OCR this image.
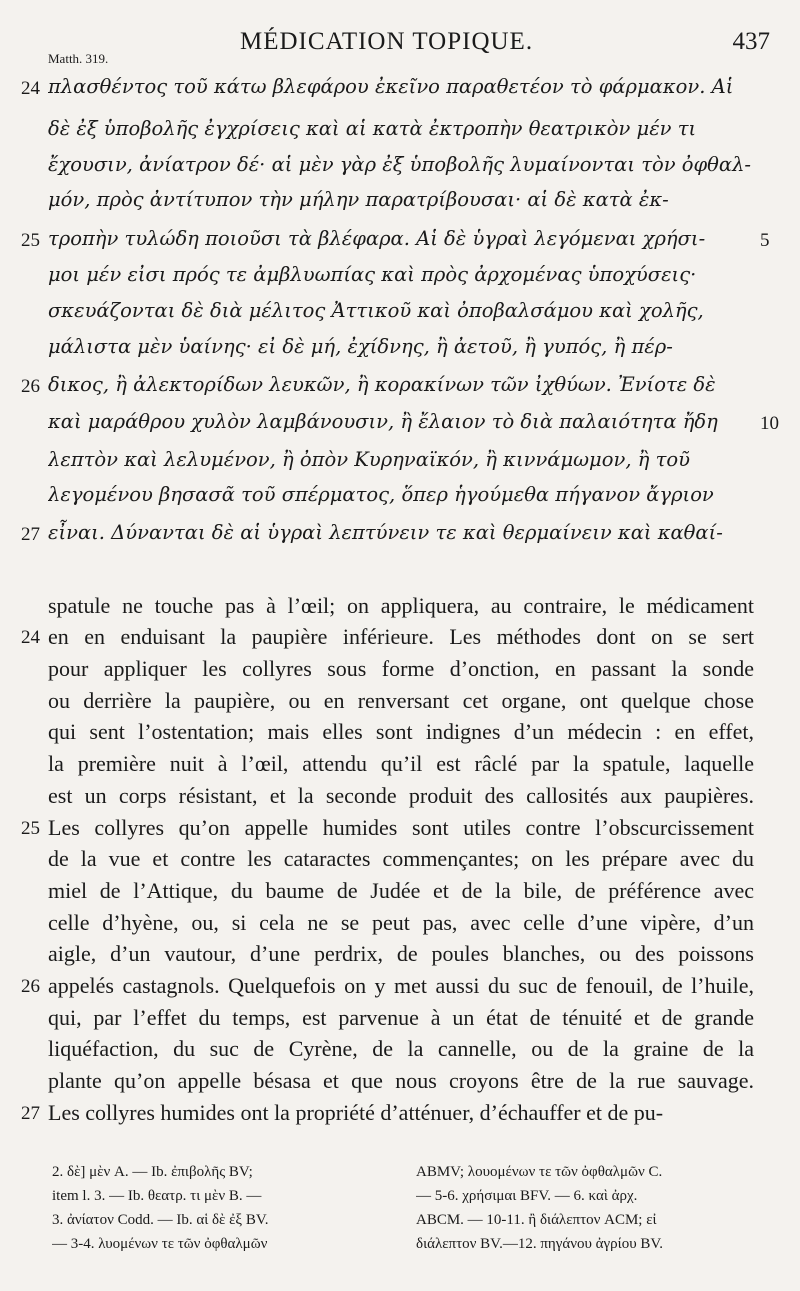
MÉDICATION TOPIQUE.	437
Matth. 319.
πλασθέντος τοῦ κάτω βλεφάρου ἐκεῖνο παραθετέον τὸ φάρμακον. Αἱ
δὲ ἐξ ὑποβολῆς ἐγχρίσεις καὶ αἱ κατὰ ἐκτροπὴν θεατρικὸν μέν τι
ἔχουσιν, ἀνίατρον δέ· αἱ μὲν γὰρ ἐξ ὑποβολῆς λυμαίνονται τὸν ὀφθαλ-
μόν, πρὸς ἀντίτυπον τὴν μήλην παρατρίβουσαι· αἱ δὲ κατὰ ἐκ-
τροπὴν τυλώδη ποιοῦσι τὰ βλέφαρα. Αἱ δὲ ὑγραὶ λεγόμεναι χρήσι-
μοι μέν εἰσι πρός τε ἀμβλυωπίας καὶ πρὸς ἀρχομένας ὑποχύσεις·
σκευάζονται δὲ διὰ μέλιτος Ἀττικοῦ καὶ ὀποβαλσάμου καὶ χολῆς,
μάλιστα μὲν ὑαίνης· εἰ δὲ μή, ἐχίδνης, ἢ ἀετοῦ, ἢ γυπός, ἢ πέρ-
δικος, ἢ ἀλεκτορίδων λευκῶν, ἢ κορακίνων τῶν ἰχθύων. Ἐνίοτε δὲ
καὶ μαράθρου χυλὸν λαμβάνουσιν, ἢ ἔλαιον τὸ διὰ παλαιότητα ἤδη
λεπτὸν καὶ λελυμένον, ἢ ὀπὸν Κυρηναϊκόν, ἢ κιννάμωμον, ἢ τοῦ
λεγομένου βησασᾶ τοῦ σπέρματος, ὅπερ ἡγούμεθα πήγανον ἄγριον
εἶναι. Δύνανται δὲ αἱ ὑγραὶ λεπτύνειν τε καὶ θερμαίνειν καὶ καθαί-
24
25
26
27
5
10
spatule ne touche pas à l’œil; on appliquera, au contraire, le médicament
en en enduisant la paupière inférieure. Les méthodes dont on se sert
pour appliquer les collyres sous forme d’onction, en passant la sonde
ou derrière la paupière, ou en renversant cet organe, ont quelque chose
qui sent l’ostentation; mais elles sont indignes d’un médecin : en effet,
la première nuit à l’œil, attendu qu’il est râclé par la spatule, laquelle
est un corps résistant, et la seconde produit des callosités aux paupières.
Les collyres qu’on appelle humides sont utiles contre l’obscurcissement
de la vue et contre les cataractes commençantes; on les prépare avec du
miel de l’Attique, du baume de Judée et de la bile, de préférence avec
celle d’hyène, ou, si cela ne se peut pas, avec celle d’une vipère, d’un
aigle, d’un vautour, d’une perdrix, de poules blanches, ou des poissons
appelés castagnols. Quelquefois on y met aussi du suc de fenouil, de l’huile,
qui, par l’effet du temps, est parvenue à un état de ténuité et de grande
liquéfaction, du suc de Cyrène, de la cannelle, ou de la graine de la
plante qu’on appelle bésasa et que nous croyons être de la rue sauvage.
Les collyres humides ont la propriété d’atténuer, d’échauffer et de pu-
24
25
26
27
2. δὲ] μὲν A. — Ib. ἐπιβολῆς BV;
item l. 3. — Ib. θεατρ. τι μὲν B. —
3. ἀνίατον Codd. — Ib. αἱ δὲ ἐξ BV.
— 3-4. λυομένων τε τῶν ὀφθαλμῶν
ABMV; λουομένων τε τῶν ὀφθαλμῶν C.
— 5-6. χρήσιμαι BFV. — 6. καὶ ἀρχ.
ABCM. — 10-11. ἢ διάλεπτον ACM; εἰ
διάλεπτον BV.—12. πηγάνου ἀγρίου BV.
